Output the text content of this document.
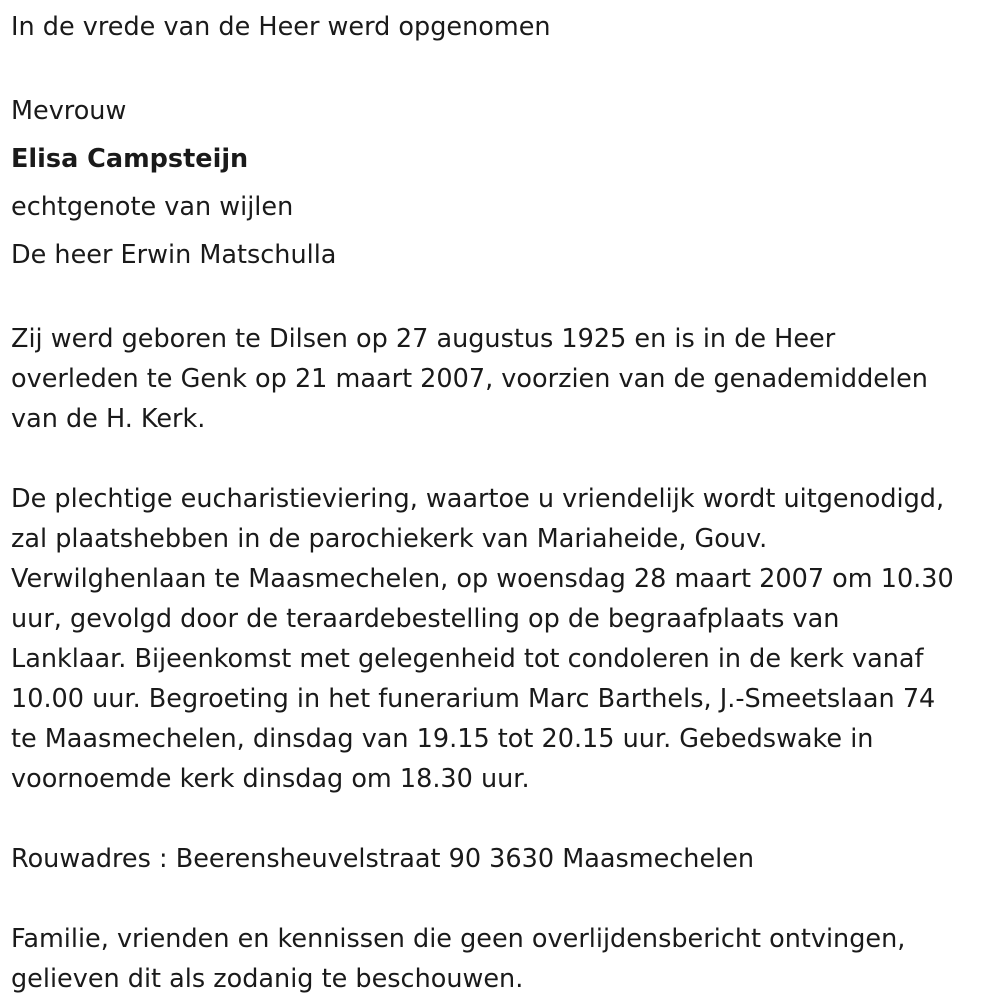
In de vrede van de Heer werd opgenomen
Mevrouw
Elisa Campsteijn
echtgenote van wijlen
De heer Erwin Matschulla

Zij werd geboren te Dilsen op 27 augustus 1925 en is in de Heer
overleden te Genk op 21 maart 2007, voorzien van de genademiddelen
van de H. Kerk.

De plechtige eucharistieviering, waartoe u vriendelijk wordt uitgenodigd,
zal plaatshebben in de parochiekerk van Mariaheide, Gouv.
Verwilghenlaan te Maasmechelen, op woensdag 28 maart 2007 om 10.30
uur, gevolgd door de teraardebestelling op de begraafplaats van
Lanklaar. Bijeenkomst met gelegenheid tot condoleren in de kerk vanaf
10.00 uur. Begroeting in het funerarium Marc Barthels, J.-Smeetslaan 74
te Maasmechelen, dinsdag van 19.15 tot 20.15 uur. Gebedswake in
voornoemde kerk dinsdag om 18.30 uur.

Rouwadres : Beerensheuvelstraat 90 3630 Maasmechelen

Familie, vrienden en kennissen die geen overlijdensbericht ontvingen,
gelieven dit als zodanig te beschouwen.
